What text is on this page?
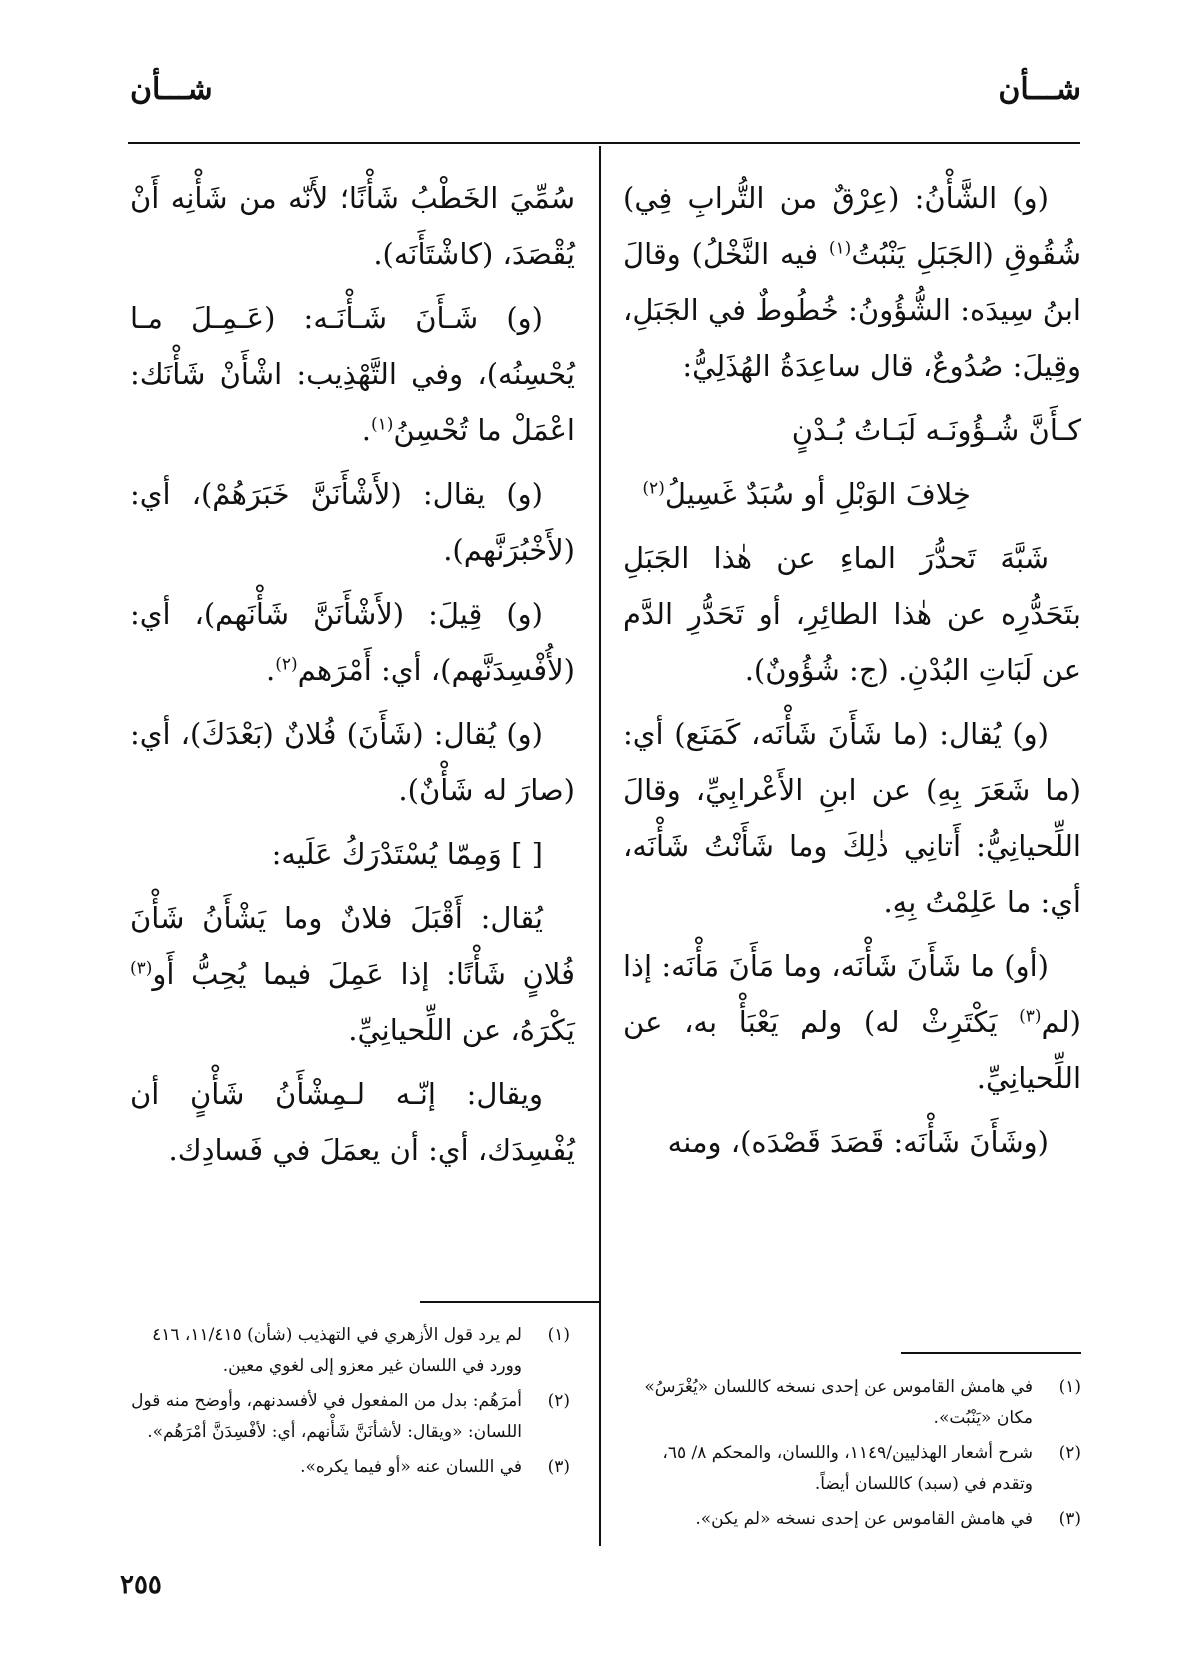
شـــأن
شـــأن

(و) الشَّأْنُ: (عِرْقٌ من التُّرابِ فِي) شُقُوقِ (الجَبَلِ يَنْبُتُ$^{(١)}$ فيه النَّخْلُ) وقالَ ابنُ سِيدَه: الشُّؤُونُ: خُطُوطٌ في الجَبَلِ، وقِيلَ: صُدُوعٌ، قال ساعِدَةُ الهُذَلِيُّ:

كـأَنَّ شُـؤُونَـه لَبَـاتُ بُـدْنٍ

خِلافَ الوَبْلِ أو سُبَدٌ غَسِيلُ$^{(٢)}$

شَبَّهَ تَحدُّرَ الماءِ عن هٰذا الجَبَلِ بتَحَدُّرِه عن هٰذا الطائِرِ، أو تَحَدُّرِ الدَّم عن لَبَاتِ البُدْنِ. (ج: شُؤُونٌ).

(و) يُقال: (ما شَأَنَ شَأْنَه، كَمَنَع) أي: (ما شَعَرَ بِهِ) عن ابنِ الأَعْرابِيِّ، وقالَ اللِّحيانِيُّ: أَتانِي ذٰلِكَ وما شَأَنْتُ شَأْنَه، أي: ما عَلِمْتُ بِهِ.

(أو) ما شَأَنَ شَأْنَه، وما مَأَنَ مَأْنَه: إذا (لم$^{(٣)}$ يَكْتَرِثْ له) ولم يَعْبَأْ به، عن اللِّحيانِيِّ.

(وشَأَنَ شَأْنَه: قَصَدَ قَصْدَه)، ومنه

سُمِّيَ الخَطْبُ شَأْنًا؛ لأَنّه من شَأْنِه أَنْ يُقْصَدَ، (كاشْتَأَنَه).

(و) شَـأَنَ شَـأْنَـه: (عَـمِـلَ مـا يُحْسِنُه)، وفي التَّهْذِيب: اشْأَنْ شَأْنَك: اعْمَلْ ما تُحْسِنُ$^{(١)}$.

(و) يقال: (لأَشْأَنَنَّ خَبَرَهُمْ)، أي: (لأَخْبُرَنَّهم).

(و) قِيلَ: (لأَشْأَنَنَّ شَأْنَهم)، أي: (لأُفْسِدَنَّهم)، أي: أَمْرَهم$^{(٢)}$.

(و) يُقال: (شَأَنَ) فُلانٌ (بَعْدَكَ)، أي: (صارَ له شَأْنٌ).

[ ] وَمِمّا يُسْتَدْرَكُ عَلَيه:

يُقال: أَقْبَلَ فلانٌ وما يَشْأَنُ شَأْنَ فُلانٍ شَأْنًا: إذا عَمِلَ فيما يُحِبُّ أَو$^{(٣)}$ يَكْرَهُ، عن اللِّحيانِيِّ.

ويقال: إنّـه لـمِشْأَنُ شَأْنٍ أن يُفْسِدَك، أي: أن يعمَلَ في فَسادِك.

(١)
في هامش القاموس عن إحدى نسخه كاللسان «يُغْرَسُ» مكان «يَنْبُت».
(٢)
شرح أشعار الهذليين/١١٤٩، واللسان، والمحكم ٨/ ٦٥، وتقدم في (سبد) كاللسان أيضاً.
(٣)
في هامش القاموس عن إحدى نسخه «لم يكن».
(١)
لم يرد قول الأزهري في التهذيب (شأن) ١١/٤١٥، ٤١٦ وورد في اللسان غير معزو إلى لغوي معين.
(٢)
أمرَهُم: بدل من المفعول في لأفسدنهم، وأوضح منه قول اللسان: «ويقال: لأشأنَنَّ شَأْنهم، أي: لأفْسِدَنَّ أمْرَهُم».
(٣)
في اللسان عنه «أو فيما يكره».
٢٥٥
